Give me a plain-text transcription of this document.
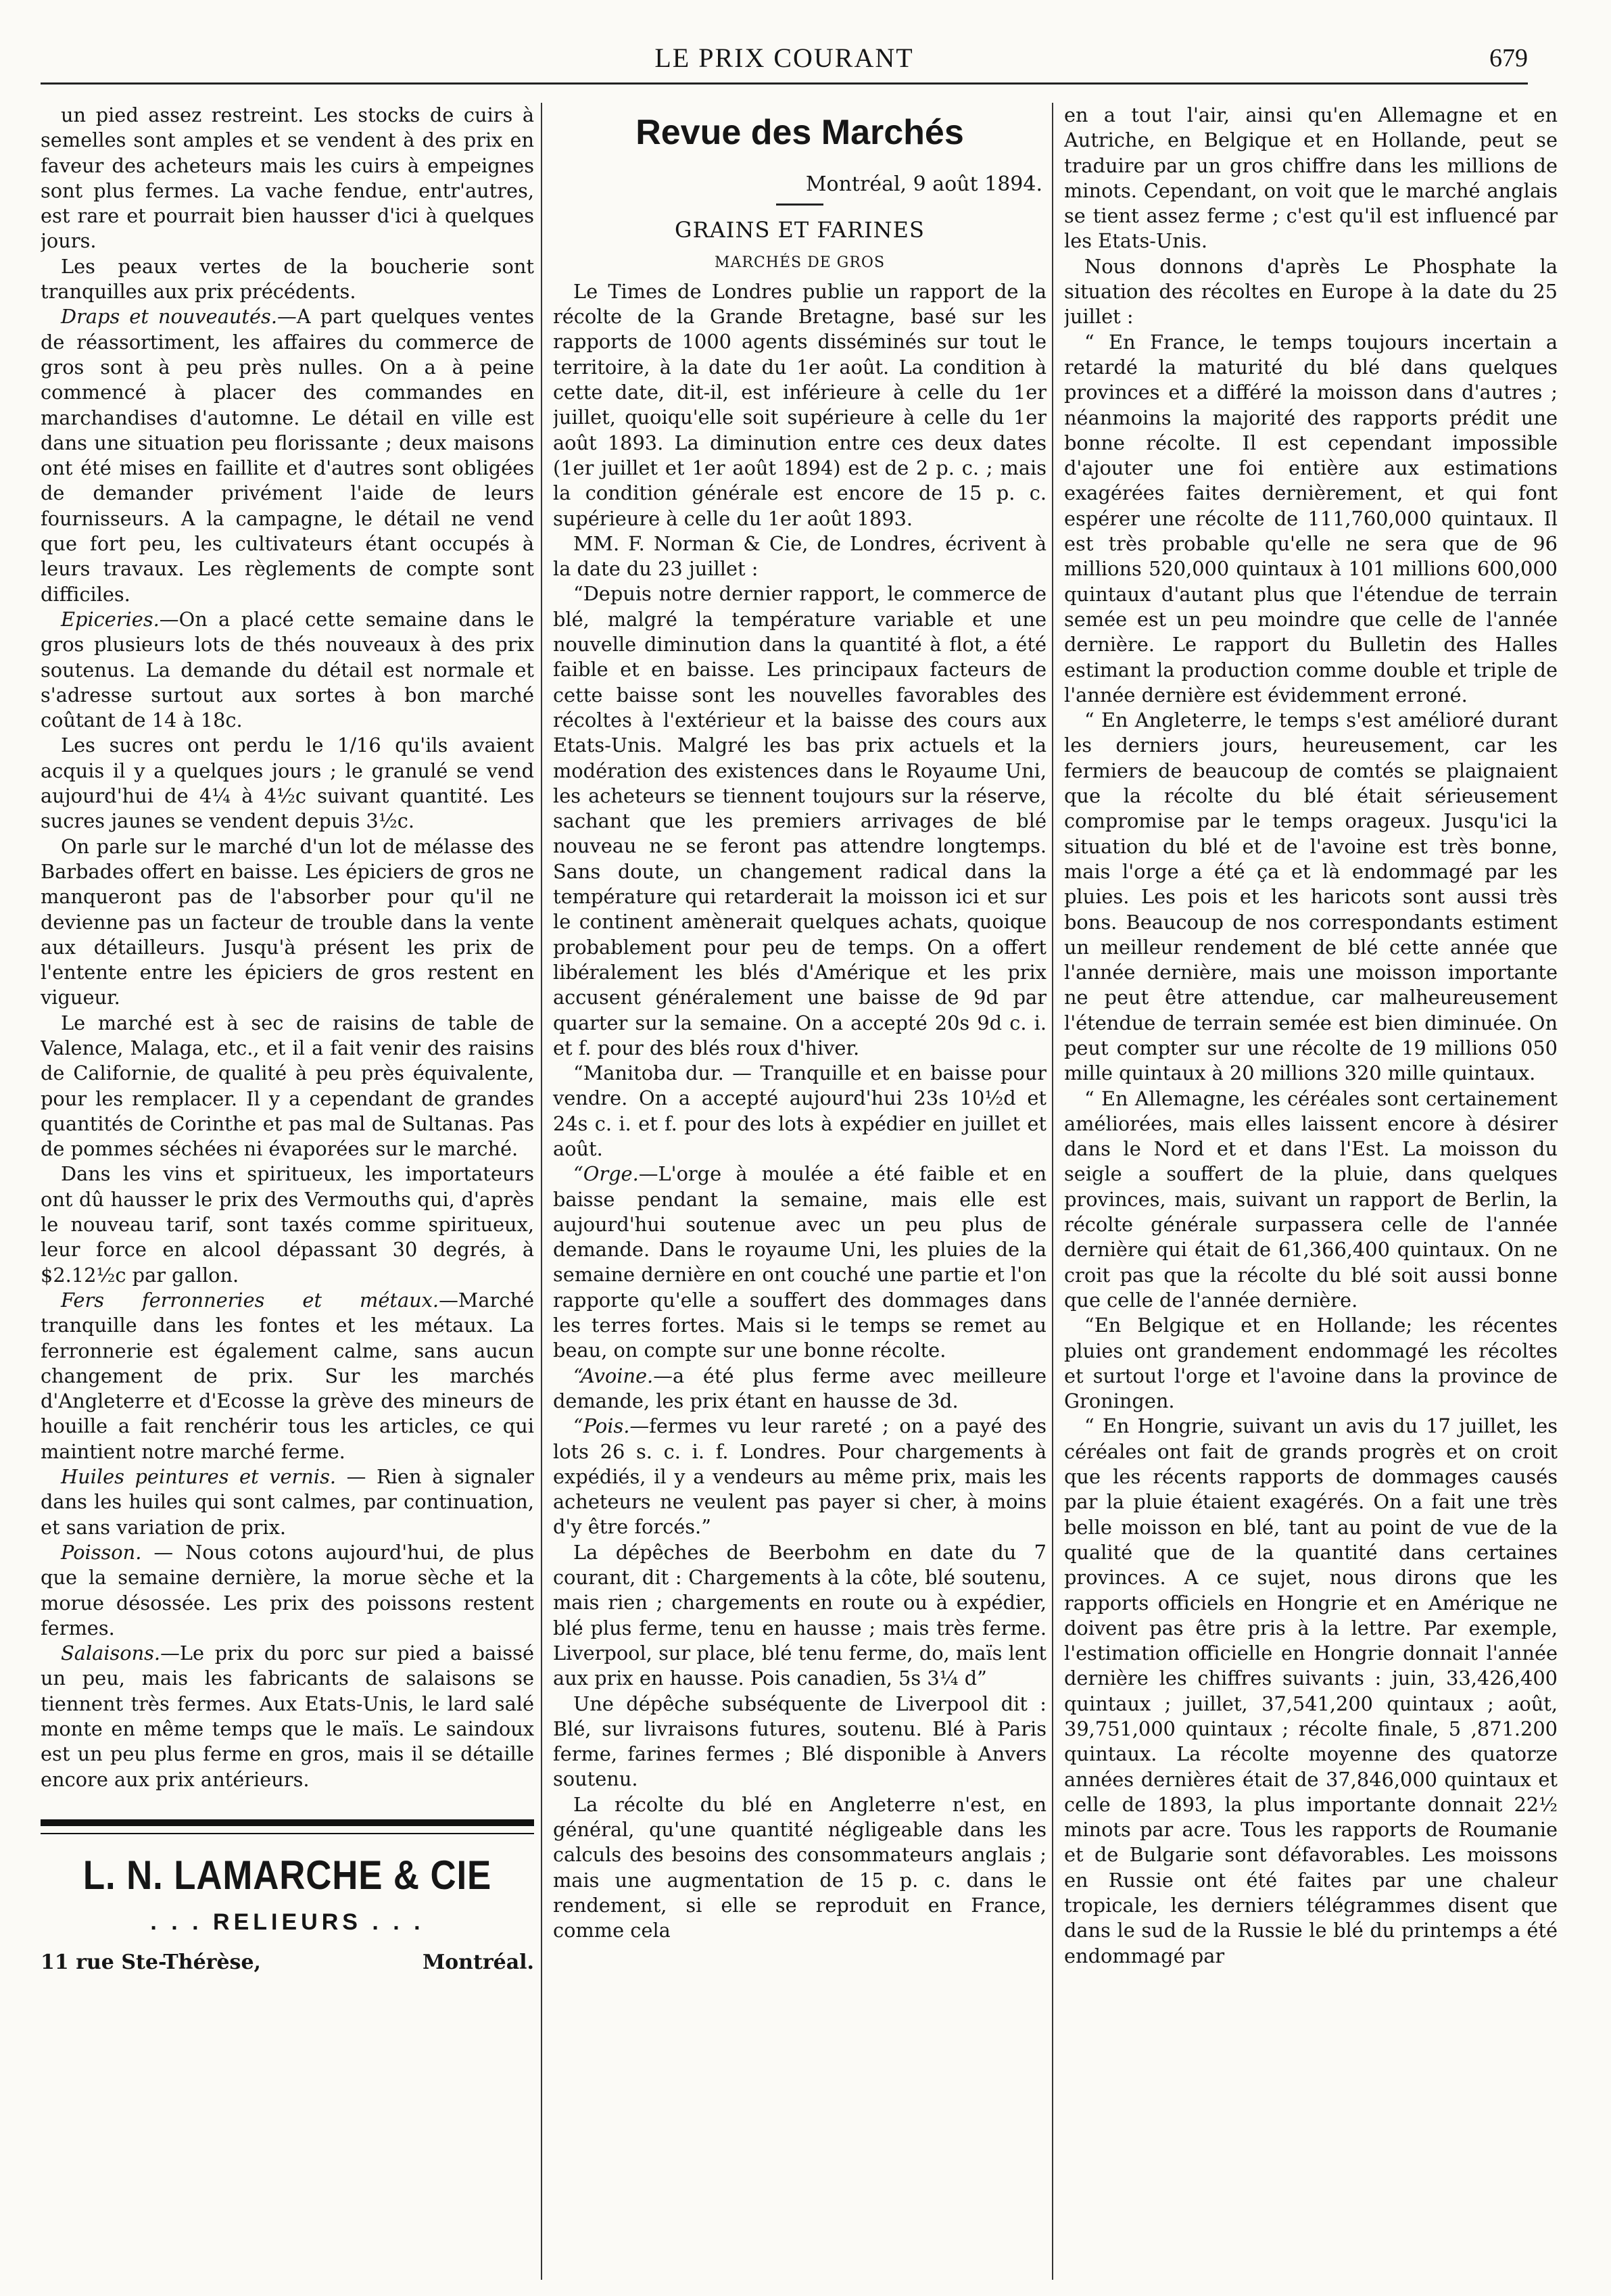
LE PRIX COURANT	679

un pied assez restreint. Les stocks de cuirs à semelles sont amples et se vendent à des prix en faveur des acheteurs mais les cuirs à empeignes sont plus fermes. La vache fendue, entr'autres, est rare et pourrait bien hausser d'ici à quelques jours.

Les peaux vertes de la boucherie sont tranquilles aux prix précédents.

Draps et nouveautés.—A part quelques ventes de réassortiment, les affaires du commerce de gros sont à peu près nulles. On a à peine commencé à placer des commandes en marchandises d'automne. Le détail en ville est dans une situation peu florissante ; deux maisons ont été mises en faillite et d'autres sont obligées de demander privément l'aide de leurs fournisseurs. A la campagne, le détail ne vend que fort peu, les cultivateurs étant occupés à leurs travaux. Les règlements de compte sont difficiles.

Epiceries.—On a placé cette semaine dans le gros plusieurs lots de thés nouveaux à des prix soutenus. La demande du détail est normale et s'adresse surtout aux sortes à bon marché coûtant de 14 à 18c.

Les sucres ont perdu le 1/16 qu'ils avaient acquis il y a quelques jours ; le granulé se vend aujourd'hui de 4¼ à 4½c suivant quantité. Les sucres jaunes se vendent depuis 3½c.

On parle sur le marché d'un lot de mélasse des Barbades offert en baisse. Les épiciers de gros ne manqueront pas de l'absorber pour qu'il ne devienne pas un facteur de trouble dans la vente aux détailleurs. Jusqu'à présent les prix de l'entente entre les épiciers de gros restent en vigueur.

Le marché est à sec de raisins de table de Valence, Malaga, etc., et il a fait venir des raisins de Californie, de qualité à peu près équivalente, pour les remplacer. Il y a cependant de grandes quantités de Corinthe et pas mal de Sultanas. Pas de pommes séchées ni évaporées sur le marché.

Dans les vins et spiritueux, les importateurs ont dû hausser le prix des Vermouths qui, d'après le nouveau tarif, sont taxés comme spiritueux, leur force en alcool dépassant 30 degrés, à $2.12½c par gallon.

Fers ferronneries et métaux.—Marché tranquille dans les fontes et les métaux. La ferronnerie est également calme, sans aucun changement de prix. Sur les marchés d'Angleterre et d'Ecosse la grève des mineurs de houille a fait renchérir tous les articles, ce qui maintient notre marché ferme.

Huiles peintures et vernis. — Rien à signaler dans les huiles qui sont calmes, par continuation, et sans variation de prix.

Poisson. — Nous cotons aujourd'hui, de plus que la semaine dernière, la morue sèche et la morue désossée. Les prix des poissons restent fermes.

Salaisons.—Le prix du porc sur pied a baissé un peu, mais les fabricants de salaisons se tiennent très fermes. Aux Etats-Unis, le lard salé monte en même temps que le maïs. Le saindoux est un peu plus ferme en gros, mais il se détaille encore aux prix antérieurs.

L. N. LAMARCHE & CIE
. . . RELIEURS . . .
11 rue Ste-Thérèse,	Montréal.
Revue des Marchés
Montréal, 9 août 1894.
GRAINS ET FARINES
MARCHÉS DE GROS

Le Times de Londres publie un rapport de la récolte de la Grande Bretagne, basé sur les rapports de 1000 agents disséminés sur tout le territoire, à la date du 1er août. La condition à cette date, dit-il, est inférieure à celle du 1er juillet, quoiqu'elle soit supérieure à celle du 1er août 1893. La diminution entre ces deux dates (1er juillet et 1er août 1894) est de 2 p. c. ; mais la condition générale est encore de 15 p. c. supérieure à celle du 1er août 1893.

MM. F. Norman & Cie, de Londres, écrivent à la date du 23 juillet :

“Depuis notre dernier rapport, le commerce de blé, malgré la température variable et une nouvelle diminution dans la quantité à flot, a été faible et en baisse. Les principaux facteurs de cette baisse sont les nouvelles favorables des récoltes à l'extérieur et la baisse des cours aux Etats-Unis. Malgré les bas prix actuels et la modération des existences dans le Royaume Uni, les acheteurs se tiennent toujours sur la réserve, sachant que les premiers arrivages de blé nouveau ne se feront pas attendre longtemps. Sans doute, un changement radical dans la température qui retarderait la moisson ici et sur le continent amènerait quelques achats, quoique probablement pour peu de temps. On a offert libéralement les blés d'Amérique et les prix accusent généralement une baisse de 9d par quarter sur la semaine. On a accepté 20s 9d c. i. et f. pour des blés roux d'hiver.

“Manitoba dur. — Tranquille et en baisse pour vendre. On a accepté aujourd'hui 23s 10½d et 24s c. i. et f. pour des lots à expédier en juillet et août.

“Orge.—L'orge à moulée a été faible et en baisse pendant la semaine, mais elle est aujourd'hui soutenue avec un peu plus de demande. Dans le royaume Uni, les pluies de la semaine dernière en ont couché une partie et l'on rapporte qu'elle a souffert des dommages dans les terres fortes. Mais si le temps se remet au beau, on compte sur une bonne récolte.

“Avoine.—a été plus ferme avec meilleure demande, les prix étant en hausse de 3d.

“Pois.—fermes vu leur rareté ; on a payé des lots 26 s. c. i. f. Londres. Pour chargements à expédiés, il y a vendeurs au même prix, mais les acheteurs ne veulent pas payer si cher, à moins d'y être forcés.”

La dépêches de Beerbohm en date du 7 courant, dit : Chargements à la côte, blé soutenu, mais rien ; chargements en route ou à expédier, blé plus ferme, tenu en hausse ; mais très ferme. Liverpool, sur place, blé tenu ferme, do, maïs lent aux prix en hausse. Pois canadien, 5s 3¼ d”

Une dépêche subséquente de Liverpool dit : Blé, sur livraisons futures, soutenu. Blé à Paris ferme, farines fermes ; Blé disponible à Anvers soutenu.

La récolte du blé en Angleterre n'est, en général, qu'une quantité négligeable dans les calculs des besoins des consommateurs anglais ; mais une augmentation de 15 p. c. dans le rendement, si elle se reproduit en France, comme cela

en a tout l'air, ainsi qu'en Allemagne et en Autriche, en Belgique et en Hollande, peut se traduire par un gros chiffre dans les millions de minots. Cependant, on voit que le marché anglais se tient assez ferme ; c'est qu'il est influencé par les Etats-Unis.

Nous donnons d'après Le Phosphate la situation des récoltes en Europe à la date du 25 juillet :

“ En France, le temps toujours incertain a retardé la maturité du blé dans quelques provinces et a différé la moisson dans d'autres ; néanmoins la majorité des rapports prédit une bonne récolte. Il est cependant impossible d'ajouter une foi entière aux estimations exagérées faites dernièrement, et qui font espérer une récolte de 111,760,000 quintaux. Il est très probable qu'elle ne sera que de 96 millions 520,000 quintaux à 101 millions 600,000 quintaux d'autant plus que l'étendue de terrain semée est un peu moindre que celle de l'année dernière. Le rapport du Bulletin des Halles estimant la production comme double et triple de l'année dernière est évidemment erroné.

“ En Angleterre, le temps s'est amélioré durant les derniers jours, heureusement, car les fermiers de beaucoup de comtés se plaignaient que la récolte du blé était sérieusement compromise par le temps orageux. Jusqu'ici la situation du blé et de l'avoine est très bonne, mais l'orge a été ça et là endommagé par les pluies. Les pois et les haricots sont aussi très bons. Beaucoup de nos correspondants estiment un meilleur rendement de blé cette année que l'année dernière, mais une moisson importante ne peut être attendue, car malheureusement l'étendue de terrain semée est bien diminuée. On peut compter sur une récolte de 19 millions 050 mille quintaux à 20 millions 320 mille quintaux.

“ En Allemagne, les céréales sont certainement améliorées, mais elles laissent encore à désirer dans le Nord et et dans l'Est. La moisson du seigle a souffert de la pluie, dans quelques provinces, mais, suivant un rapport de Berlin, la récolte générale surpassera celle de l'année dernière qui était de 61,366,400 quintaux. On ne croit pas que la récolte du blé soit aussi bonne que celle de l'année dernière.

“En Belgique et en Hollande; les récentes pluies ont grandement endommagé les récoltes et surtout l'orge et l'avoine dans la province de Groningen.

“ En Hongrie, suivant un avis du 17 juillet, les céréales ont fait de grands progrès et on croit que les récents rapports de dommages causés par la pluie étaient exagérés. On a fait une très belle moisson en blé, tant au point de vue de la qualité que de la quantité dans certaines provinces. A ce sujet, nous dirons que les rapports officiels en Hongrie et en Amérique ne doivent pas être pris à la lettre. Par exemple, l'estimation officielle en Hongrie donnait l'année dernière les chiffres suivants : juin, 33,426,400 quintaux ; juillet, 37,541,200 quintaux ; août, 39,751,000 quintaux ; récolte finale, 5 ,871.200 quintaux. La récolte moyenne des quatorze années dernières était de 37,846,000 quintaux et celle de 1893, la plus importante donnait 22½ minots par acre. Tous les rapports de Roumanie et de Bulgarie sont défavorables. Les moissons en Russie ont été faites par une chaleur tropicale, les derniers télégrammes disent que dans le sud de la Russie le blé du printemps a été endommagé par
